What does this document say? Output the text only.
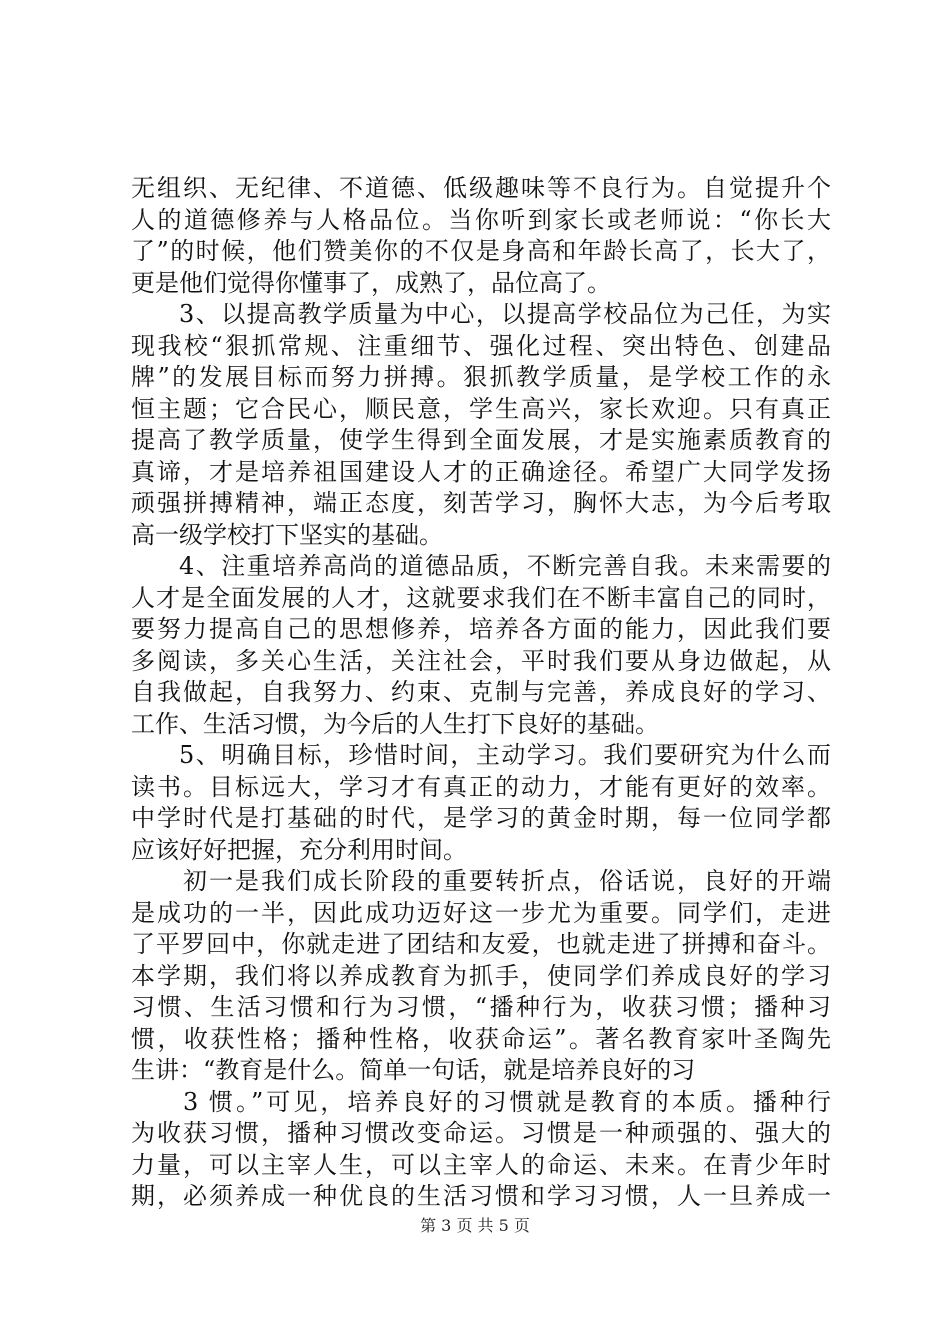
无组织、无纪律、不道德、低级趣味等不良行为。自觉提升个
人的道德修养与人格品位。当你听到家长或老师说：“你长大
了”的时候，他们赞美你的不仅是身高和年龄长高了，长大了，
更是他们觉得你懂事了，成熟了，品位高了。
3、以提高教学质量为中心，以提高学校品位为己任，为实
现我校“狠抓常规、注重细节、强化过程、突出特色、创建品
牌”的发展目标而努力拼搏。狠抓教学质量，是学校工作的永
恒主题；它合民心，顺民意，学生高兴，家长欢迎。只有真正
提高了教学质量，使学生得到全面发展，才是实施素质教育的
真谛，才是培养祖国建设人才的正确途径。希望广大同学发扬
顽强拼搏精神，端正态度，刻苦学习，胸怀大志，为今后考取
高一级学校打下坚实的基础。
4、注重培养高尚的道德品质，不断完善自我。未来需要的
人才是全面发展的人才，这就要求我们在不断丰富自己的同时，
要努力提高自己的思想修养，培养各方面的能力，因此我们要
多阅读，多关心生活，关注社会，平时我们要从身边做起，从
自我做起，自我努力、约束、克制与完善，养成良好的学习、
工作、生活习惯，为今后的人生打下良好的基础。
5、明确目标，珍惜时间，主动学习。我们要研究为什么而
读书。目标远大，学习才有真正的动力，才能有更好的效率。
中学时代是打基础的时代，是学习的黄金时期，每一位同学都
应该好好把握，充分利用时间。
初一是我们成长阶段的重要转折点，俗话说，良好的开端
是成功的一半，因此成功迈好这一步尤为重要。同学们，走进
了平罗回中，你就走进了团结和友爱，也就走进了拼搏和奋斗。
本学期，我们将以养成教育为抓手，使同学们养成良好的学习
习惯、生活习惯和行为习惯，“播种行为，收获习惯；播种习
惯，收获性格；播种性格，收获命运”。著名教育家叶圣陶先
生讲：“教育是什么。简单一句话，就是培养良好的习
3 惯。”可见，培养良好的习惯就是教育的本质。播种行
为收获习惯，播种习惯改变命运。习惯是一种顽强的、强大的
力量，可以主宰人生，可以主宰人的命运、未来。在青少年时
期，必须养成一种优良的生活习惯和学习习惯，人一旦养成一
第 3 页 共 5 页
